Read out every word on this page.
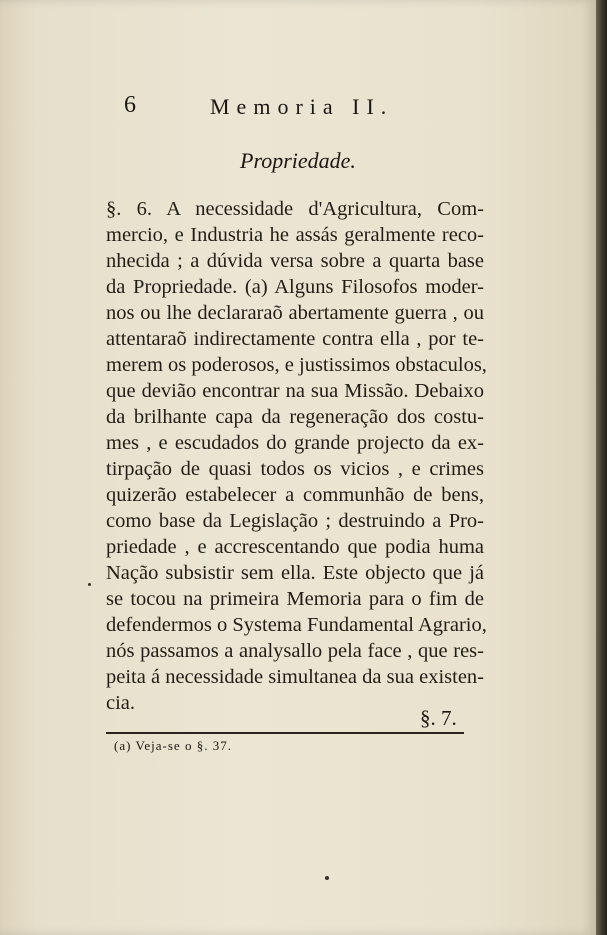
6	Memoria II.
Propriedade.
§. 6. A necessidade d'Agricultura, Com-
mercio, e Industria he assás geralmente reco-
nhecida ; a dúvida versa sobre a quarta base
da Propriedade. (a) Alguns Filosofos moder-
nos ou lhe declararaõ abertamente guerra , ou
attentaraõ indirectamente contra ella , por te-
merem os poderosos, e justissimos obstaculos,
que devião encontrar na sua Missão. Debaixo
da brilhante capa da regeneração dos costu-
mes , e escudados do grande projecto da ex-
tirpação de quasi todos os vicios , e crimes
quizerão estabelecer a communhão de bens,
como base da Legislação ; destruindo a Pro-
priedade , e accrescentando que podia huma
Nação subsistir sem ella. Este objecto que já
se tocou na primeira Memoria para o fim de
defendermos o Systema Fundamental Agrario,
nós passamos a analysallo pela face , que res-
peita á necessidade simultanea da sua existen-
cia.
§. 7.
(a) Veja-se o §. 37.
